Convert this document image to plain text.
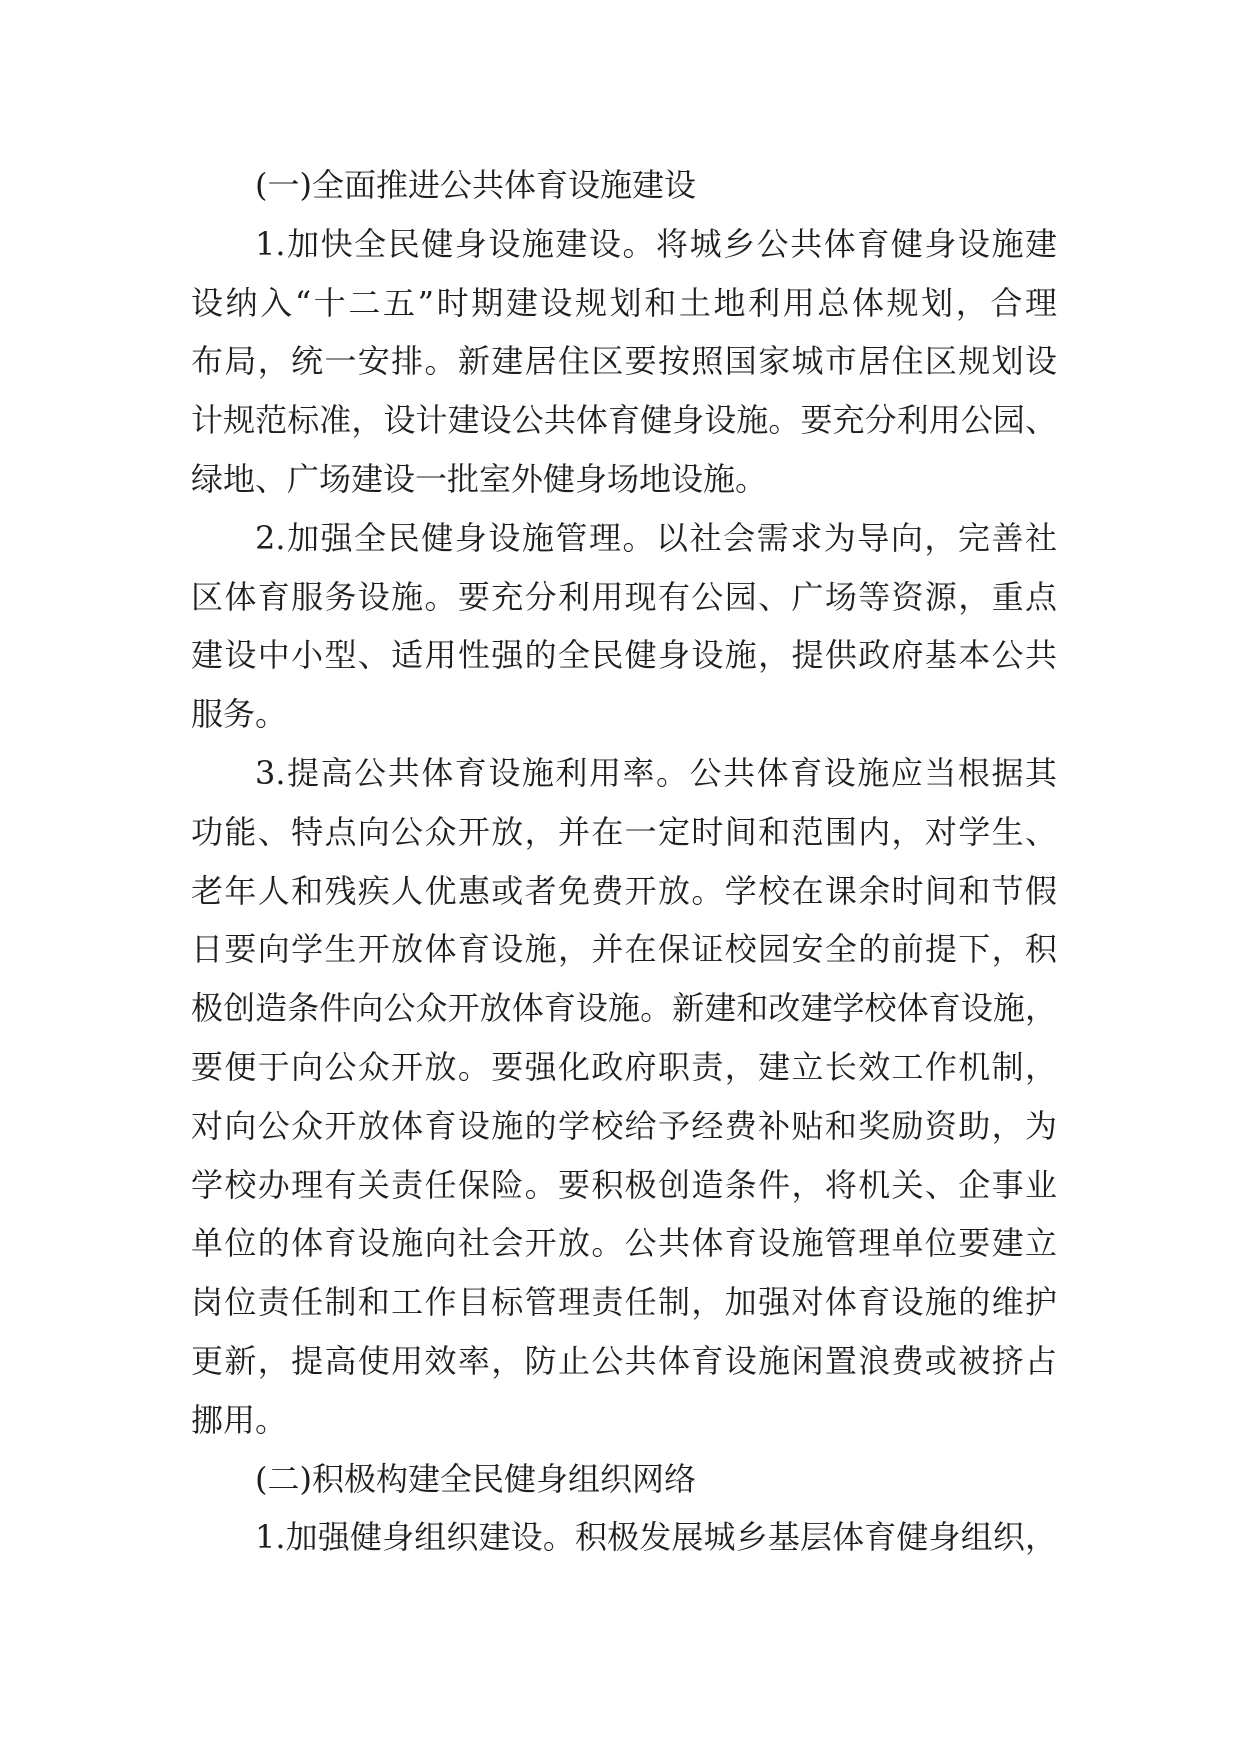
(一)全面推进公共体育设施建设
1.加快全民健身设施建设。将城乡公共体育健身设施建
设纳入“十二五”时期建设规划和土地利用总体规划，合理
布局，统一安排。新建居住区要按照国家城市居住区规划设
计规范标准，设计建设公共体育健身设施。要充分利用公园、
绿地、广场建设一批室外健身场地设施。
2.加强全民健身设施管理。以社会需求为导向，完善社
区体育服务设施。要充分利用现有公园、广场等资源，重点
建设中小型、适用性强的全民健身设施，提供政府基本公共
服务。
3.提高公共体育设施利用率。公共体育设施应当根据其
功能、特点向公众开放，并在一定时间和范围内，对学生、
老年人和残疾人优惠或者免费开放。学校在课余时间和节假
日要向学生开放体育设施，并在保证校园安全的前提下，积
极创造条件向公众开放体育设施。新建和改建学校体育设施，
要便于向公众开放。要强化政府职责，建立长效工作机制，
对向公众开放体育设施的学校给予经费补贴和奖励资助，为
学校办理有关责任保险。要积极创造条件，将机关、企事业
单位的体育设施向社会开放。公共体育设施管理单位要建立
岗位责任制和工作目标管理责任制，加强对体育设施的维护
更新，提高使用效率，防止公共体育设施闲置浪费或被挤占
挪用。
(二)积极构建全民健身组织网络
1.加强健身组织建设。积极发展城乡基层体育健身组织，
